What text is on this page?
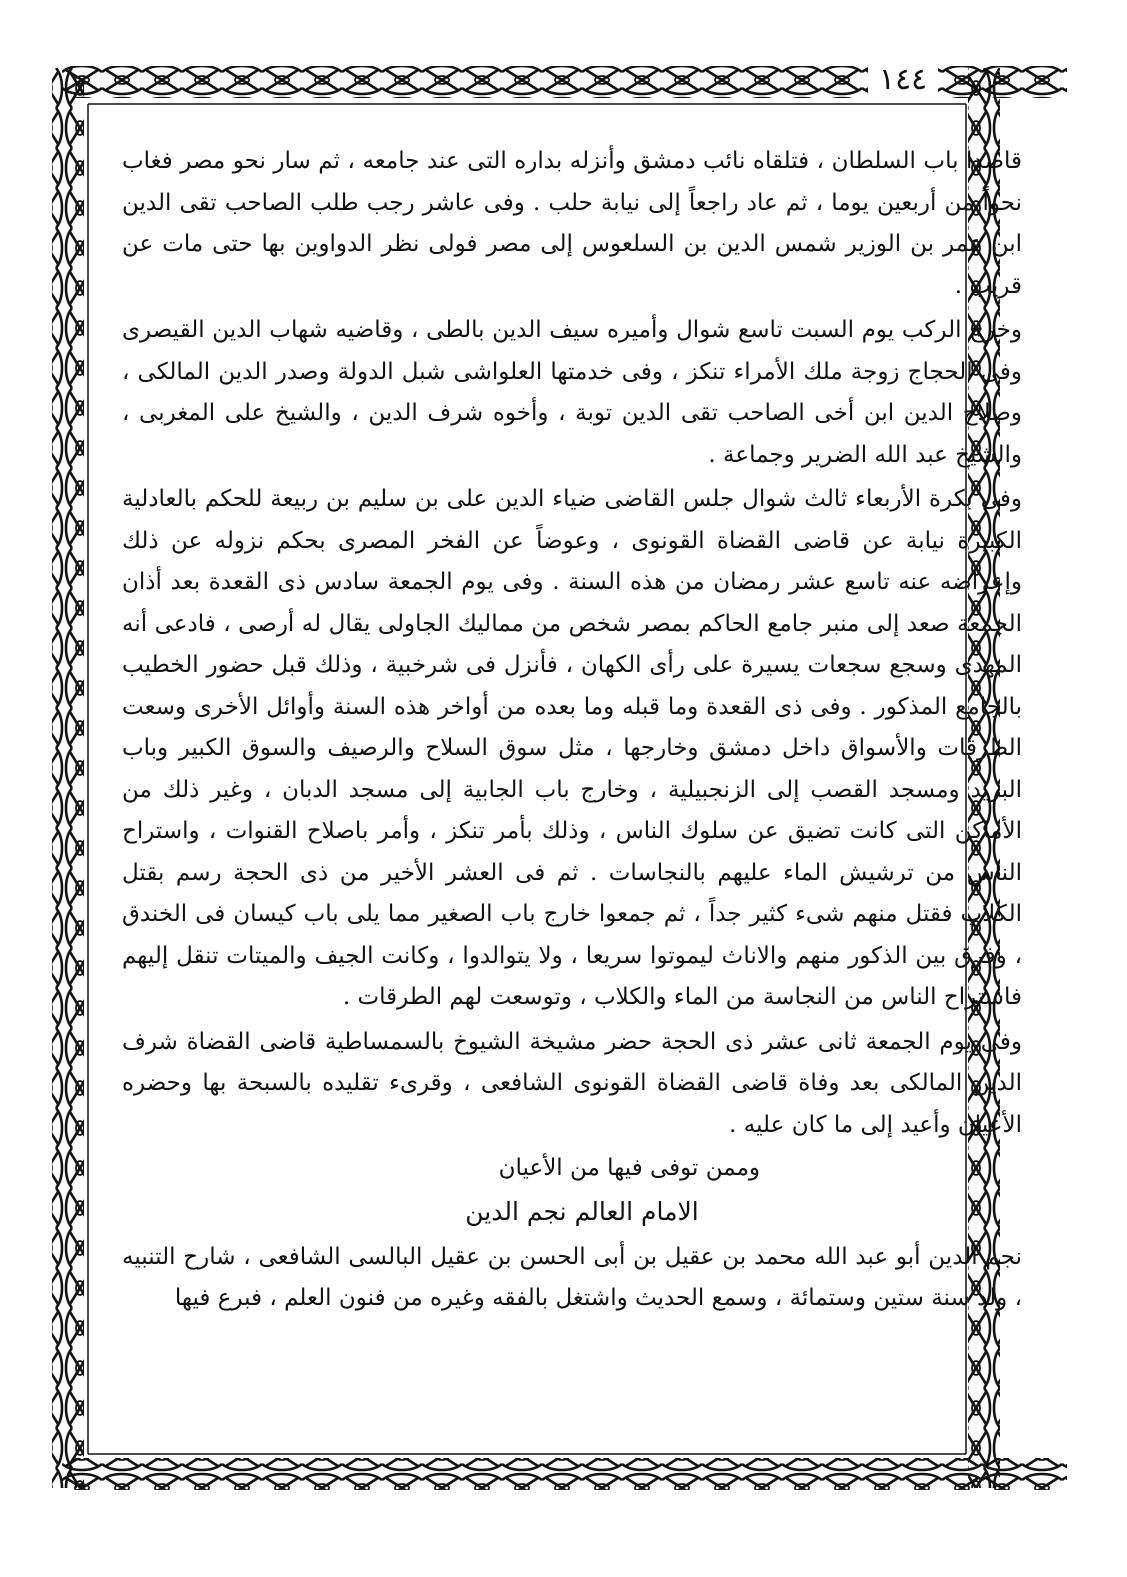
١٤٤

قاصدا باب السلطان ، فتلقاه نائب دمشق وأنزله بداره التى عند جامعه ، ثم سار نحو مصر فغاب نحواً من أربعين يوما ، ثم عاد راجعاً إلى نيابة حلب . وفى عاشر رجب طلب الصاحب تقى الدين ابن عمر بن الوزير شمس الدين بن السلعوس إلى مصر فولى نظر الدواوين بها حتى مات عن قريب .

وخرج الركب يوم السبت تاسع شوال وأميره سيف الدين بالطى ، وقاضيه شهاب الدين القيصرى وفى الحجاج زوجة ملك الأمراء تنكز ، وفى خدمتها العلواشى شبل الدولة وصدر الدين المالكى ، وصلاح الدين ابن أخى الصاحب تقى الدين توبة ، وأخوه شرف الدين ، والشيخ على المغربى ، والشيخ عبد الله الضرير وجماعة .

وفى بكرة الأربعاء ثالث شوال جلس القاضى ضياء الدين على بن سليم بن ربيعة للحكم بالعادلية الكبيرة نيابة عن قاضى القضاة القونوى ، وعوضاً عن الفخر المصرى بحكم نزوله عن ذلك وإعراضه عنه تاسع عشر رمضان من هذه السنة . وفى يوم الجمعة سادس ذى القعدة بعد أذان الجمعة صعد إلى منبر جامع الحاكم بمصر شخص من مماليك الجاولى يقال له أرصى ، فادعى أنه المهدى وسجع سجعات يسيرة على رأى الكهان ، فأنزل فى شرخبية ، وذلك قبل حضور الخطيب بالجامع المذكور . وفى ذى القعدة وما قبله وما بعده من أواخر هذه السنة وأوائل الأخرى وسعت الطرقات والأسواق داخل دمشق وخارجها ، مثل سوق السلاح والرصيف والسوق الكبير وباب البريد ومسجد القصب إلى الزنجبيلية ، وخارج باب الجابية إلى مسجد الدبان ، وغير ذلك من الأماكن التى كانت تضيق عن سلوك الناس ، وذلك بأمر تنكز ، وأمر باصلاح القنوات ، واستراح الناس من ترشيش الماء عليهم بالنجاسات . ثم فى العشر الأخير من ذى الحجة رسم بقتل الكلاب فقتل منهم شىء كثير جداً ، ثم جمعوا خارج باب الصغير مما يلى باب كيسان فى الخندق ، وفرق بين الذكور منهم والاناث ليموتوا سريعا ، ولا يتوالدوا ، وكانت الجيف والميتات تنقل إليهم فاستراح الناس من النجاسة من الماء والكلاب ، وتوسعت لهم الطرقات .

وفى يوم الجمعة ثانى عشر ذى الحجة حضر مشيخة الشيوخ بالسمساطية قاضى القضاة شرف الدين المالكى بعد وفاة قاضى القضاة القونوى الشافعى ، وقرىء تقليده بالسبحة بها وحضره الأعيان وأعيد إلى ما كان عليه .

وممن توفى فيها من الأعيان

الامام العالم نجم الدين

نجم الدين أبو عبد الله محمد بن عقيل بن أبى الحسن بن عقيل البالسى الشافعى ، شارح التنبيه ، ولد سنة ستين وستمائة ، وسمع الحديث واشتغل بالفقه وغيره من فنون العلم ، فبرع فيها
